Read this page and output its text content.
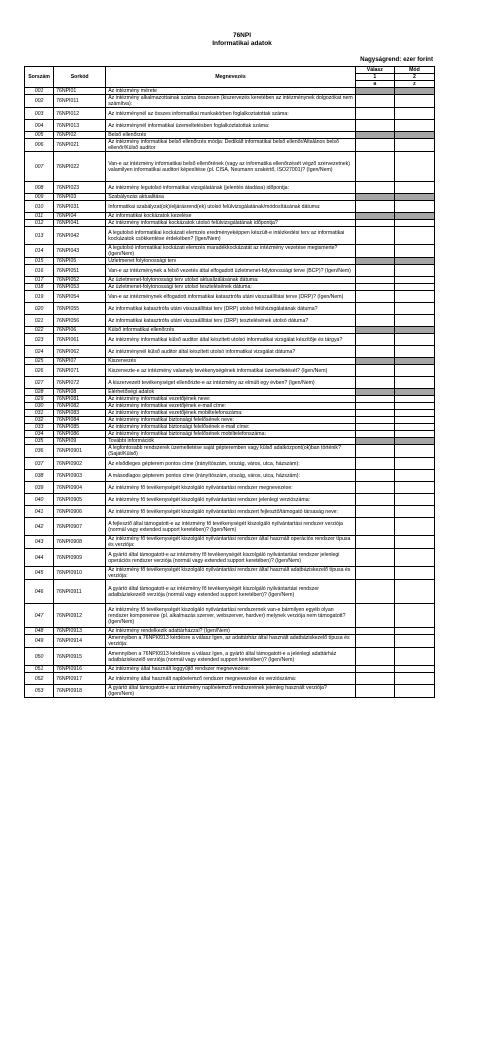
76NPI
Informatikai adatok
Nagyságrend: ezer forint
Sorszám	Sorkód	Megnevezés	Válasz	Mód
			1	2
			a	z
001	76NPI01	Az intézmény mérete		
002	76NPI011	Az intézmény alkalmazottainak száma összesen (kiszervezés keretében az intézménynek dolgozókat nem számítva):		
003	76NPI012	Az intézménynél az összes informatikai munkakörben foglalkoztatottak száma:		
004	76NPI013	Az intézménynél informatikai üzemeltetésben foglalkoztatottak száma:		
005	76NPI02	Belső ellenőrzés		
006	76NPI021	Az intézmény informatikai belső ellenőrzés módja: Dedikált informatikai belső ellenőr/Általános belső ellenőr/Külső auditor		
007	76NPI022	Van-e az intézmény informatikai belső ellenőrének (vagy az informatika ellenőrzését végző szervezetnek) valamilyen informatikai auditori képesítése (pl. CISA, Neumann szakértő, ISO27001)? (Igen/Nem)		
008	76NPI023	Az intézmény legutolsó informatikai vizsgálatának (jelentés átadása) időpontja:		
009	76NPI03	Szabályozás aktualitása		
010	76NPI031	Informatikai szabályzat(ok)/eljárásrend(ek) utolsó felülvizsgálatának/módosításának dátuma:		
011	76NPI04	Az informatikai kockázatok kezelése		
012	76NPI041	Az intézmény informatikai kockázatok utolsó felülvizsgálatának időpontja?		
013	76NPI042	A legutolsó informatikai kockázati elemzés eredményeképpen készült-e intézkedési terv az informatikai kockázatok csökkentése érdekében? (Igen/Nem)		
014	76NPI043	A legutolsó informatikai kockázati elemzés maradékkockázatát az intézmény vezetése megismerte? (Igen/Nem)		
015	76NPI05	Üzletmenet folytonossági terv		
016	76NPI051	Van-e az intézménynek a felső vezetés által elfogadott üzletmenet-folytonossági terve (BCP)? (Igen/Nem)		
017	76NPI052	Az üzletmenet-folytonossági terv utolsó aktualizálásának dátuma:		
018	76NPI053	Az üzletmenet-folytonossági terv utolsó tesztelésének dátuma:		
019	76NPI054	Van-e az intézménynek elfogadott informatikai katasztrófa utáni visszaállítási terve (DRP)? (Igen/Nem)		
020	76NPI055	Az informatikai katasztrófa utáni visszaállítási terv (DRP) utolsó felülvizsgálatának dátuma?		
021	76NPI056	Az informatikai katasztrófa utáni visszaállítási terv (DRP) tesztelésének utolsó dátuma?		
022	76NPI06	Külső informatikai ellenőrzés		
023	76NPI061	Az intézmény informatikai külső auditor által készített utolsó informatikai vizsgálat készítője és tárgya?		
024	76NPI062	Az intézménynél külső auditor által készített utolsó informatikai vizsgálat dátuma?		
025	76NPI07	Kiszervezés		
026	76NPI071	Kiszervezte-e az intézmény valamely tevékenységének informatikai üzemeltetését? (Igen/Nem)		
027	76NPI072	A kiszervezett tevékenységet ellenőrizte-e az intézmény az elmúlt egy évben? (Igen/Nem)		
028	76NPI08	Elérhetőségi adatok		
029	76NPI081	Az intézmény informatikai vezetőjének neve:		
030	76NPI082	Az intézmény informatikai vezetőjének e-mail címe:		
031	76NPI083	Az intézmény informatikai vezetőjének mobiltelefonszáma:		
032	76NPI084	Az intézmény informatikai biztonsági felelősének neve:		
033	76NPI085	Az intézmény informatikai biztonsági felelősének e-mail címe:		
034	76NPI086	Az intézmény informatikai biztonsági felelősének mobiltelefonszáma:		
035	76NPI09	További információk		
036	76NPI0901	A legfontosabb rendszerek üzemeltetése saját gépteremben vagy külső adatközpont(ok)ban történik? (Saját/Külső)		
037	76NPI0902	Az elsődleges gépterem pontos címe (irányítószám, ország, város, utca, házszám):		
038	76NPI0903	A másodlagos gépterem pontos címe (irányítószám, ország, város, utca, házszám):		
039	76NPI0904	Az intézmény fő tevékenységét kiszolgáló nyilvántartási rendszer megnevezése:		
040	76NPI0905	Az intézmény fő tevékenységét kiszolgáló nyilvántartási rendszer jelenlegi verziószáma:		
041	76NPI0906	Az intézmény fő tevékenységét kiszolgáló nyilvántartási rendszert fejlesztő/támogató társaság neve:		
042	76NPI0907	A fejlesztő által támogatott-e az intézmény fő tevékenységét kiszolgáló nyilvántartási rendszer verziója (normál vagy extended support keretében)? (Igen/Nem)		
043	76NPI0908	Az intézmény fő tevékenységét kiszolgáló nyilvántartási rendszer által használt operációs rendszer típusa és verziója:		
044	76NPI0909	A gyártó által támogatott-e az intézmény fő tevékenységét kiszolgáló nyilvántartási rendszer jelenlegi operációs rendszer verziója (normál vagy extended support keretében)? (Igen/Nem)		
045	76NPI0910	Az intézmény fő tevékenységét kiszolgáló nyilvántartási rendszer által használt adatbáziskezelő típusa és verziója:		
046	76NPI0911	A gyártó által támogatott-e az intézmény fő tevékenységét kiszolgáló nyilvántartási rendszer adatbáziskezelő verziója (normál vagy extended support keretében)? (Igen/Nem)		
047	76NPI0912	Az intézmény fő tevékenységét kiszolgáló nyilvántartási rendszernek van-e bármilyen egyéb olyan rendszer komponense (pl. alkalmazás szerver, webszerver, hardver) melynek verziója nem támogatott? (Igen/Nem)		
048	76NPI0913	Az intézmény rendelkezik adattárházzal? (Igen/Nem)		
049	76NPI0914	Amennyiben a 76NPI0913 kérdésre a válasz Igen, az adattárház által használt adatbáziskezelő típusa és verziója:		
050	76NPI0915	Amennyiben a 76NPI0913 kérdésre a válasz Igen, a gyártó által támogatott-e a jelenlegi adattárház adatbáziskezelő verziója (normál vagy extended support keretében)? (Igen/Nem)		
051	76NPI0916	Az intézmény által használt loggyűjtő rendszer megnevezése:		
052	76NPI0917	Az intézmény által használt naplóelemző rendszer megnevezése és verziószáma:		
053	76NPI0918	A gyártó által támogatott-e az intézmény naplóelemző rendszerének jelenleg használt verziója? (Igen/Nem)		
